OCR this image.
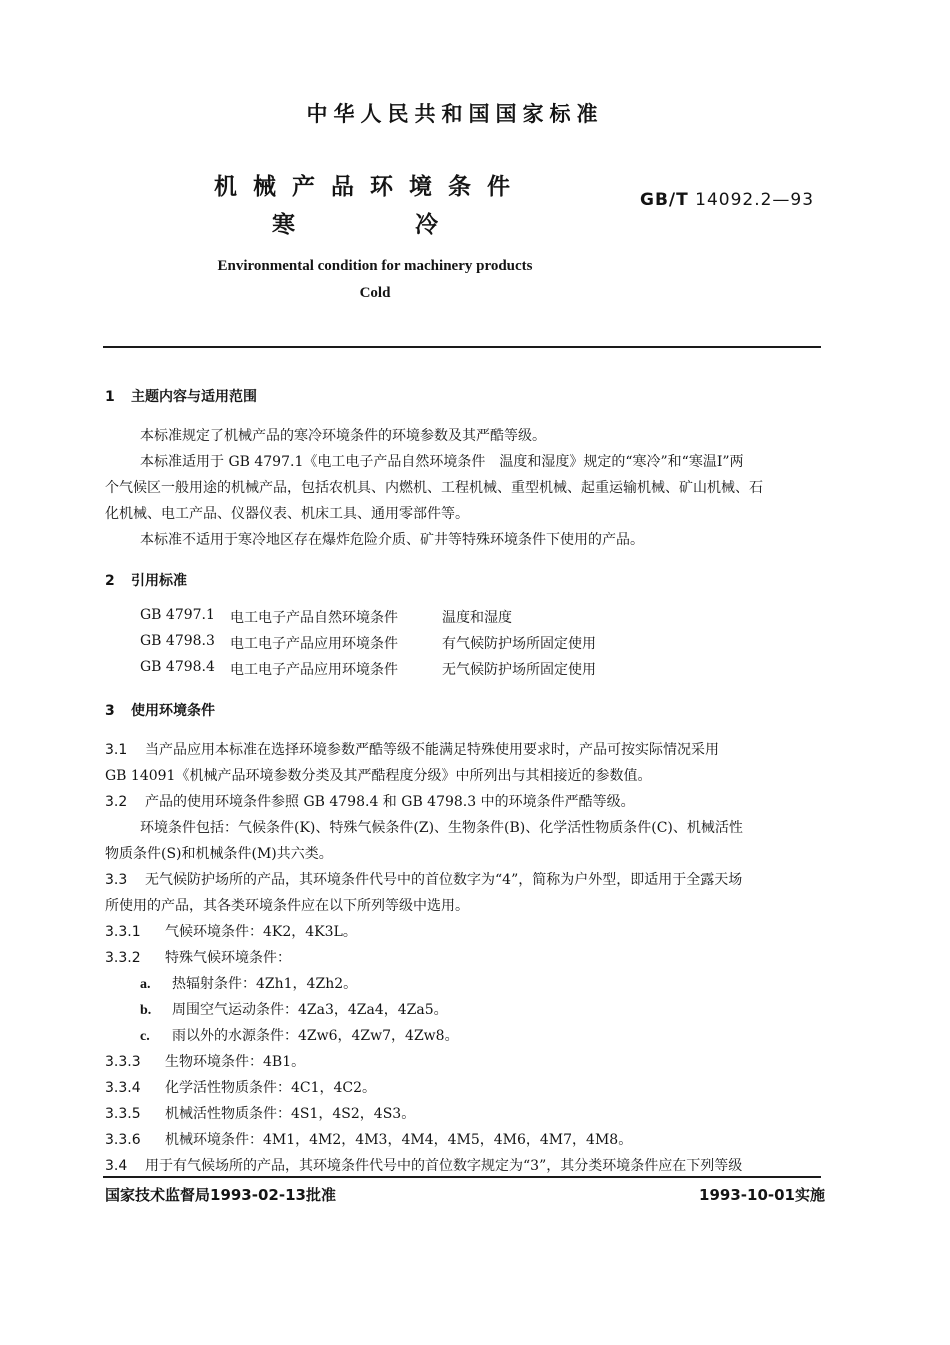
中华人民共和国国家标准
机械产品环境条件
寒冷
GB/T 14092.2—93
Environmental condition for machinery products
Cold
1 主题内容与适用范围
本标准规定了机械产品的寒冷环境条件的环境参数及其严酷等级。
本标准适用于 GB 4797.1《电工电子产品自然环境条件　温度和湿度》规定的“寒冷”和“寒温Ⅰ”两
个气候区一般用途的机械产品，包括农机具、内燃机、工程机械、重型机械、起重运输机械、矿山机械、石
化机械、电工产品、仪器仪表、机床工具、通用零部件等。
本标准不适用于寒冷地区存在爆炸危险介质、矿井等特殊环境条件下使用的产品。
2 引用标准
GB 4797.1 电工电子产品自然环境条件	温度和湿度
GB 4798.3 电工电子产品应用环境条件	有气候防护场所固定使用
GB 4798.4 电工电子产品应用环境条件	无气候防护场所固定使用
3 使用环境条件
3.1 当产品应用本标准在选择环境参数严酷等级不能满足特殊使用要求时，产品可按实际情况采用
GB 14091《机械产品环境参数分类及其严酷程度分级》中所列出与其相接近的参数值。
3.2 产品的使用环境条件参照 GB 4798.4 和 GB 4798.3 中的环境条件严酷等级。
环境条件包括：气候条件(K)、特殊气候条件(Z)、生物条件(B)、化学活性物质条件(C)、机械活性
物质条件(S)和机械条件(M)共六类。
3.3 无气候防护场所的产品，其环境条件代号中的首位数字为“4”，简称为户外型，即适用于全露天场
所使用的产品，其各类环境条件应在以下所列等级中选用。
3.3.1 气候环境条件：4K2，4K3L。
3.3.2 特殊气候环境条件：
a. 热辐射条件：4Zh1，4Zh2。
b. 周围空气运动条件：4Za3，4Za4，4Za5。
c. 雨以外的水源条件：4Zw6，4Zw7，4Zw8。
3.3.3 生物环境条件：4B1。
3.3.4 化学活性物质条件：4C1，4C2。
3.3.5 机械活性物质条件：4S1，4S2，4S3。
3.3.6 机械环境条件：4M1，4M2，4M3，4M4，4M5，4M6，4M7，4M8。
3.4 用于有气候场所的产品，其环境条件代号中的首位数字规定为“3”，其分类环境条件应在下列等级
国家技术监督局1993-02-13批准	1993-10-01实施
